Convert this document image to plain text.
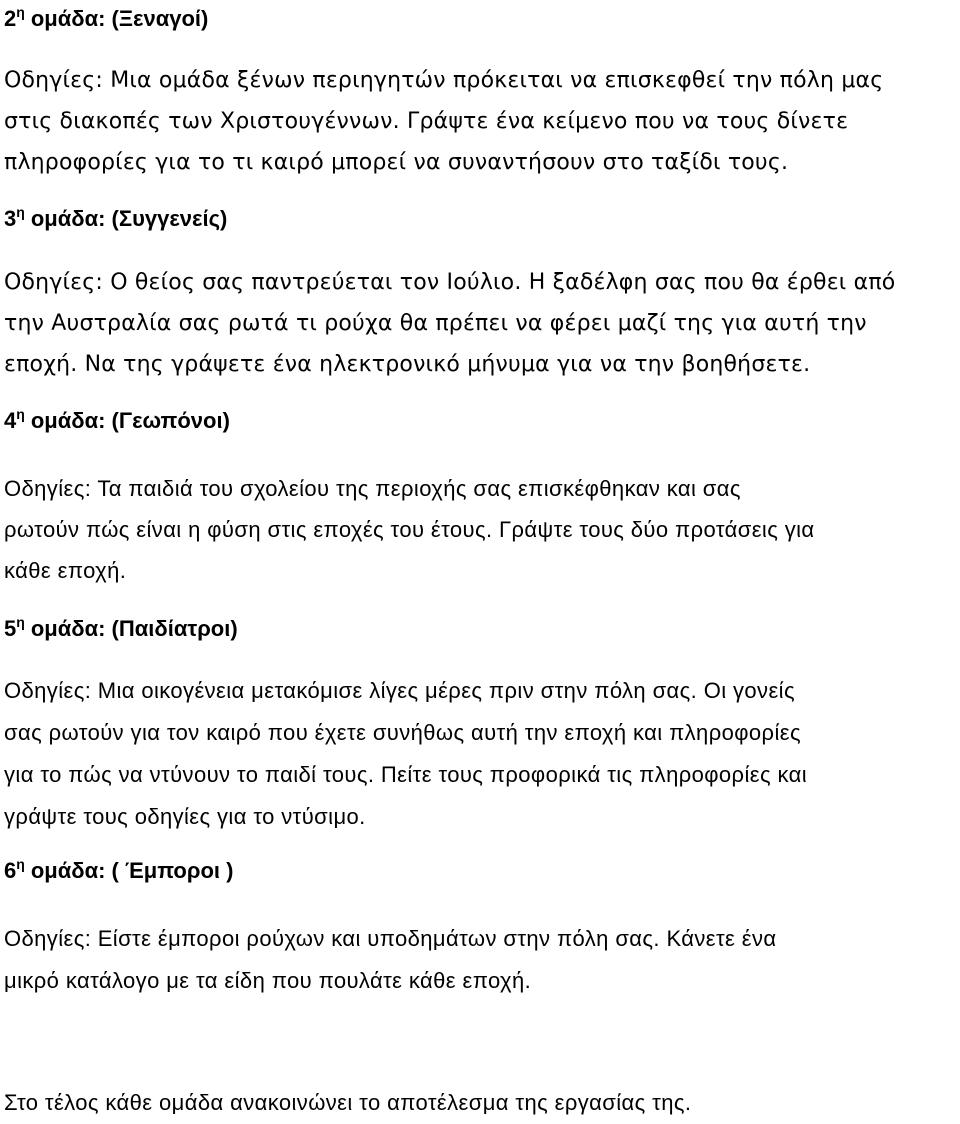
$2^\eta$ ομάδα: (Ξεναγοί)
Οδηγίες: Μια ομάδα ξένων περιηγητών πρόκειται να επισκεφθεί την πόλη μας
στις διακοπές των Χριστουγέννων. Γράψτε ένα κείμενο που να τους δίνετε
πληροφορίες για το τι καιρό μπορεί να συναντήσουν στο ταξίδι τους.
$3^\eta$ ομάδα: (Συγγενείς)
Οδηγίες: Ο θείος σας παντρεύεται τον Ιούλιο. Η ξαδέλφη σας που θα έρθει από
την Αυστραλία σας ρωτά τι ρούχα θα πρέπει να φέρει μαζί της για αυτή την
εποχή. Να της γράψετε ένα ηλεκτρονικό μήνυμα για να την βοηθήσετε.
$4^\eta$ ομάδα: (Γεωπόνοι)
Οδηγίες: Τα παιδιά του σχολείου της περιοχής σας επισκέφθηκαν και σας
ρωτούν πώς είναι η φύση στις εποχές του έτους. Γράψτε τους δύο προτάσεις για
κάθε εποχή.
$5^\eta$ ομάδα: (Παιδίατροι)
Οδηγίες: Μια οικογένεια μετακόμισε λίγες μέρες πριν στην πόλη σας. Οι γονείς
σας ρωτούν για τον καιρό που έχετε συνήθως αυτή την εποχή και πληροφορίες
για το πώς να ντύνουν το παιδί τους. Πείτε τους προφορικά τις πληροφορίες και
γράψτε τους οδηγίες για το ντύσιμο.
$6^\eta$ ομάδα: ( Έμποροι )
Οδηγίες: Είστε έμποροι ρούχων και υποδημάτων στην πόλη σας. Κάνετε ένα
μικρό κατάλογο με τα είδη που πουλάτε κάθε εποχή.
Στο τέλος κάθε ομάδα ανακοινώνει το αποτέλεσμα της εργασίας της.
